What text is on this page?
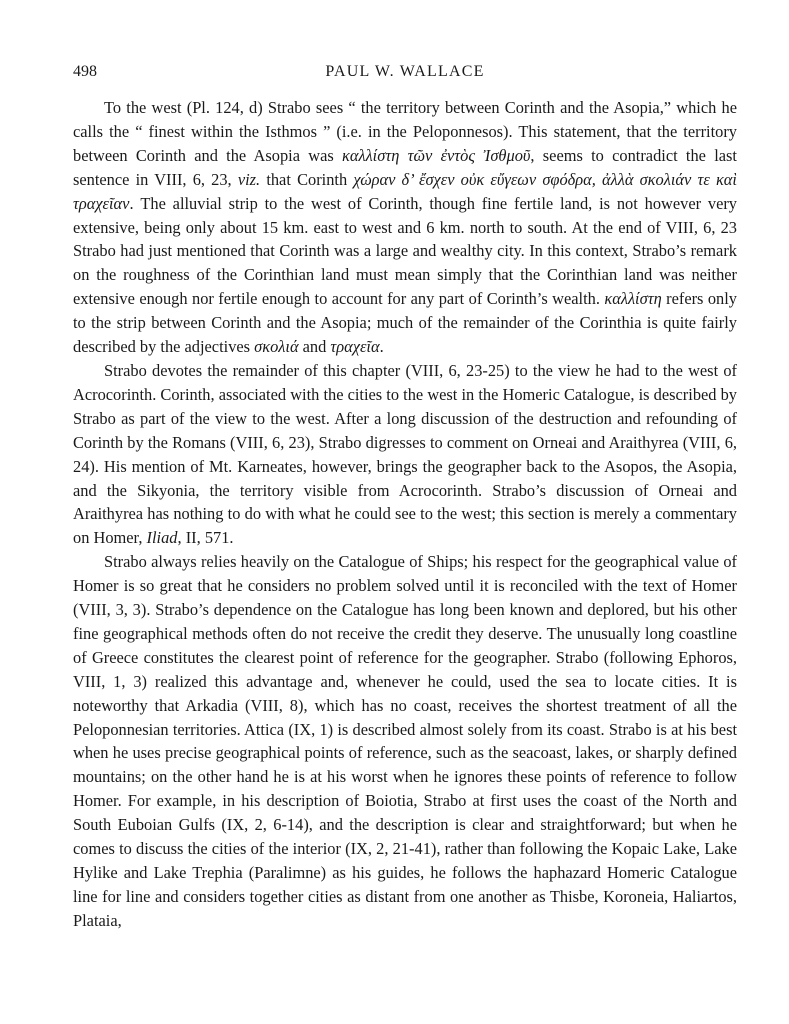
498	PAUL W. WALLACE

To the west (Pl. 124, d) Strabo sees “ the territory between Corinth and the Asopia,” which he calls the “ finest within the Isthmos ” (i.e. in the Peloponnesos). This statement, that the territory between Corinth and the Asopia was καλλίστη τῶν ἐντὸς Ἰσθμοῦ, seems to contradict the last sentence in VIII, 6, 23, viz. that Corinth χώραν δ’ ἔσχεν οὐκ εὔγεων σφόδρα, ἀλλὰ σκολιάν τε καὶ τραχεῖαν. The alluvial strip to the west of Corinth, though fine fertile land, is not however very extensive, being only about 15 km. east to west and 6 km. north to south. At the end of VIII, 6, 23 Strabo had just mentioned that Corinth was a large and wealthy city. In this context, Strabo’s remark on the roughness of the Corinthian land must mean simply that the Corinthian land was neither extensive enough nor fertile enough to account for any part of Corinth’s wealth. καλλίστη refers only to the strip between Corinth and the Asopia; much of the remainder of the Corinthia is quite fairly described by the adjectives σκολιά and τραχεῖα.

Strabo devotes the remainder of this chapter (VIII, 6, 23-25) to the view he had to the west of Acrocorinth. Corinth, associated with the cities to the west in the Homeric Catalogue, is described by Strabo as part of the view to the west. After a long discussion of the destruction and refounding of Corinth by the Romans (VIII, 6, 23), Strabo digresses to comment on Orneai and Araithyrea (VIII, 6, 24). His mention of Mt. Karneates, however, brings the geographer back to the Asopos, the Asopia, and the Sikyonia, the territory visible from Acrocorinth. Strabo’s discussion of Orneai and Araithyrea has nothing to do with what he could see to the west; this section is merely a commentary on Homer, Iliad, II, 571.

Strabo always relies heavily on the Catalogue of Ships; his respect for the geographical value of Homer is so great that he considers no problem solved until it is reconciled with the text of Homer (VIII, 3, 3). Strabo’s dependence on the Catalogue has long been known and deplored, but his other fine geographical methods often do not receive the credit they deserve. The unusually long coastline of Greece constitutes the clearest point of reference for the geographer. Strabo (following Ephoros, VIII, 1, 3) realized this advantage and, whenever he could, used the sea to locate cities. It is noteworthy that Arkadia (VIII, 8), which has no coast, receives the shortest treatment of all the Peloponnesian territories. Attica (IX, 1) is described almost solely from its coast. Strabo is at his best when he uses precise geographical points of reference, such as the seacoast, lakes, or sharply defined mountains; on the other hand he is at his worst when he ignores these points of reference to follow Homer. For example, in his description of Boiotia, Strabo at first uses the coast of the North and South Euboian Gulfs (IX, 2, 6-14), and the description is clear and straightforward; but when he comes to discuss the cities of the interior (IX, 2, 21-41), rather than following the Kopaic Lake, Lake Hylike and Lake Trephia (Paralimne) as his guides, he follows the haphazard Homeric Catalogue line for line and considers together cities as distant from one another as Thisbe, Koroneia, Haliartos, Plataia,
